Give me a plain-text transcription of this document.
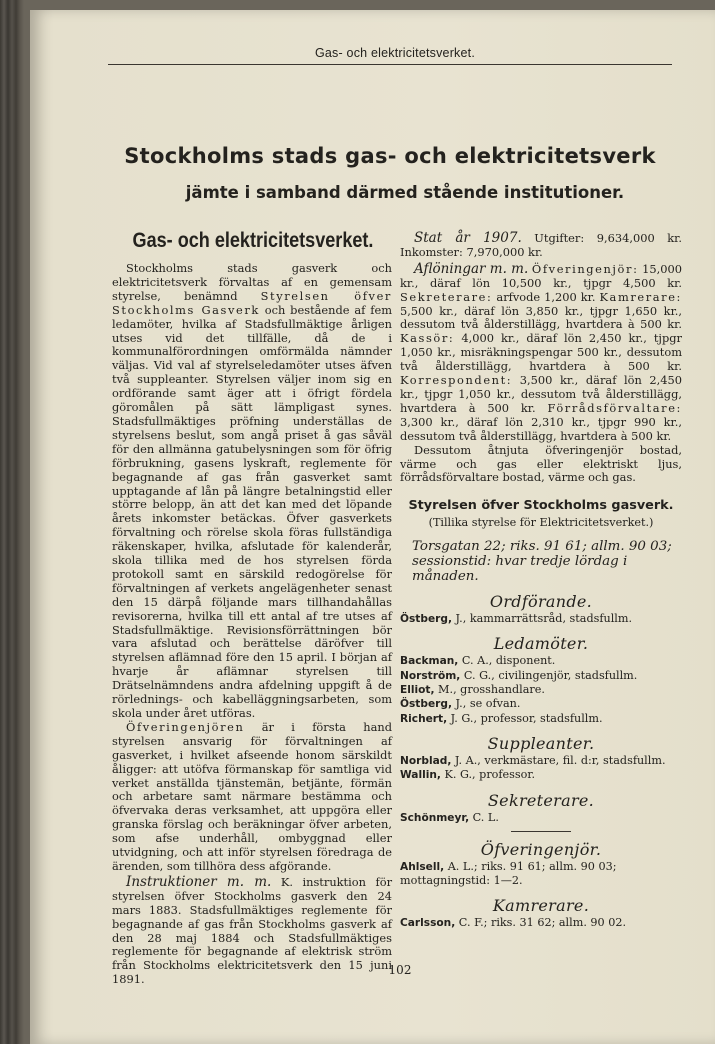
Gas- och elektricitetsverket.
Stockholms stads gas- och elektricitetsverk
jämte i samband därmed stående institutioner.
Gas- och elektricitetsverket.

Stockholms stads gasverk och elektricitetsverk förvaltas af en gemensam styrelse, benämnd Styrelsen öfver Stockholms Gasverk och bestående af fem ledamöter, hvilka af Stadsfullmäktige årligen utses vid det tillfälle, då de i kommunalförordningen omförmälda nämnder väljas. Vid val af styrelseledamöter utses äfven två suppleanter. Styrelsen väljer inom sig en ordförande samt äger att i öfrigt fördela göromålen på sätt lämpligast synes. Stadsfullmäktiges pröfning underställas de styrelsens beslut, som angå priset å gas såväl för den allmänna gatubelysningen som för öfrig förbrukning, gasens lyskraft, reglemente för begagnande af gas från gasverket samt upptagande af lån på längre betalningstid eller större belopp, än att det kan med det löpande årets inkomster betäckas. Öfver gasverkets förvaltning och rörelse skola föras fullständiga räkenskaper, hvilka, afslutade för kalenderår, skola tillika med de hos styrelsen förda protokoll samt en särskild redogörelse för förvaltningen af verkets angelägenheter senast den 15 därpå följande mars tillhandahållas revisorerna, hvilka till ett antal af tre utses af Stadsfullmäktige. Revisionsförrättningen bör vara afslutad och berättelse däröfver till styrelsen aflämnad före den 15 april. I början af hvarje år aflämnar styrelsen till Drätselnämndens andra afdelning uppgift å de rörlednings- och kabelläggningsarbeten, som skola under året utföras.

Öfveringenjören är i första hand styrelsen ansvarig för förvaltningen af gasverket, i hvilket afseende honom särskildt åligger: att utöfva förmanskap för samtliga vid verket anställda tjänstemän, betjänte, förmän och arbetare samt närmare bestämma och öfvervaka deras verksamhet, att uppgöra eller granska förslag och beräkningar öfver arbeten, som afse underhåll, ombyggnad eller utvidgning, och att inför styrelsen föredraga de ärenden, som tillhöra dess afgörande.

Instruktioner m. m. K. instruktion för styrelsen öfver Stockholms gasverk den 24 mars 1883. Stadsfullmäktiges reglemente för begagnande af gas från Stockholms gasverk af den 28 maj 1884 och Stadsfullmäktiges reglemente för begagnande af elektrisk ström från Stockholms elektricitetsverk den 15 juni 1891.

Stat år 1907. Utgifter: 9,634,000 kr. Inkomster: 7,970,000 kr.

Aflöningar m. m. Öfveringenjör: 15,000 kr., däraf lön 10,500 kr., tjpgr 4,500 kr. Sekreterare: arfvode 1,200 kr. Kamrerare: 5,500 kr., däraf lön 3,850 kr., tjpgr 1,650 kr., dessutom två ålderstillägg, hvartdera à 500 kr. Kassör: 4,000 kr., däraf lön 2,450 kr., tjpgr 1,050 kr., misräkningspengar 500 kr., dessutom två ålderstillägg, hvartdera à 500 kr. Korrespondent: 3,500 kr., däraf lön 2,450 kr., tjpgr 1,050 kr., dessutom två ålderstillägg, hvartdera à 500 kr. Förrådsförvaltare: 3,300 kr., däraf lön 2,310 kr., tjpgr 990 kr., dessutom två ålderstillägg, hvartdera à 500 kr.

Dessutom åtnjuta öfveringenjör bostad, värme och gas eller elektriskt ljus, förrådsförvaltare bostad, värme och gas.

Styrelsen öfver Stockholms gasverk.
(Tillika styrelse för Elektricitetsverket.)
Torsgatan 22; riks. 91 61; allm. 90 03; sessionstid: hvar tredje lördag i månaden.
Ordförande.
Östberg, J., kammarrättsråd, stadsfullm.
Ledamöter.
Backman, C. A., disponent.
Norström, C. G., civilingenjör, stadsfullm.
Elliot, M., grosshandlare.
Östberg, J., se ofvan.
Richert, J. G., professor, stadsfullm.
Suppleanter.
Norblad, J. A., verkmästare, fil. d:r, stadsfullm.
Wallin, K. G., professor.
Sekreterare.
Schönmeyr, C. L.
Öfveringenjör.
Ahlsell, A. L.; riks. 91 61; allm. 90 03; mottagningstid: 1—2.
Kamrerare.
Carlsson, C. F.; riks. 31 62; allm. 90 02.
102
